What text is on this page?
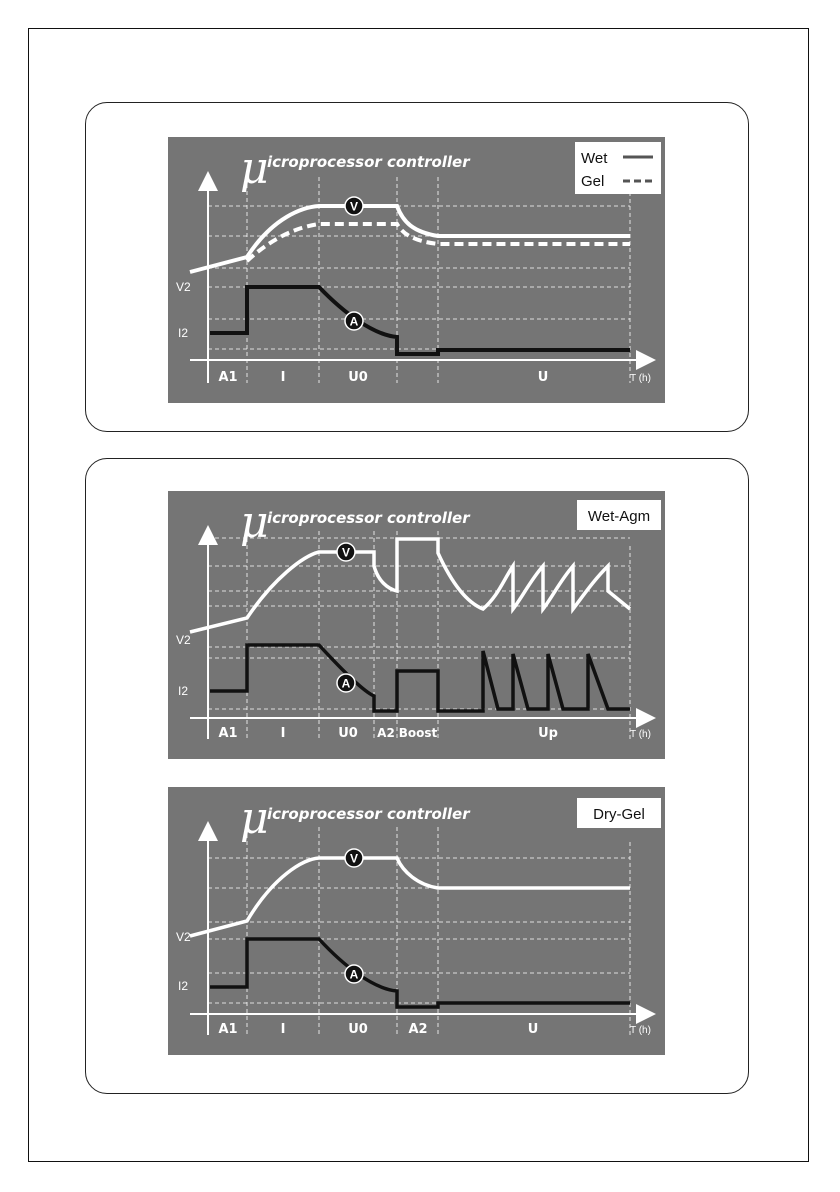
μ
icroprocessor controller	Wet
Gel
V
A
V2
I2
T (h)
A1	I	U0	U
μ
icroprocessor controller	Wet-Agm
V
A
V2
I2
T (h)
A1	I	U0 A2 Boost	Up
μ
icroprocessor controller	Dry-Gel
V
A
V2
I2
T (h)
A1	I	U0	A2	U
